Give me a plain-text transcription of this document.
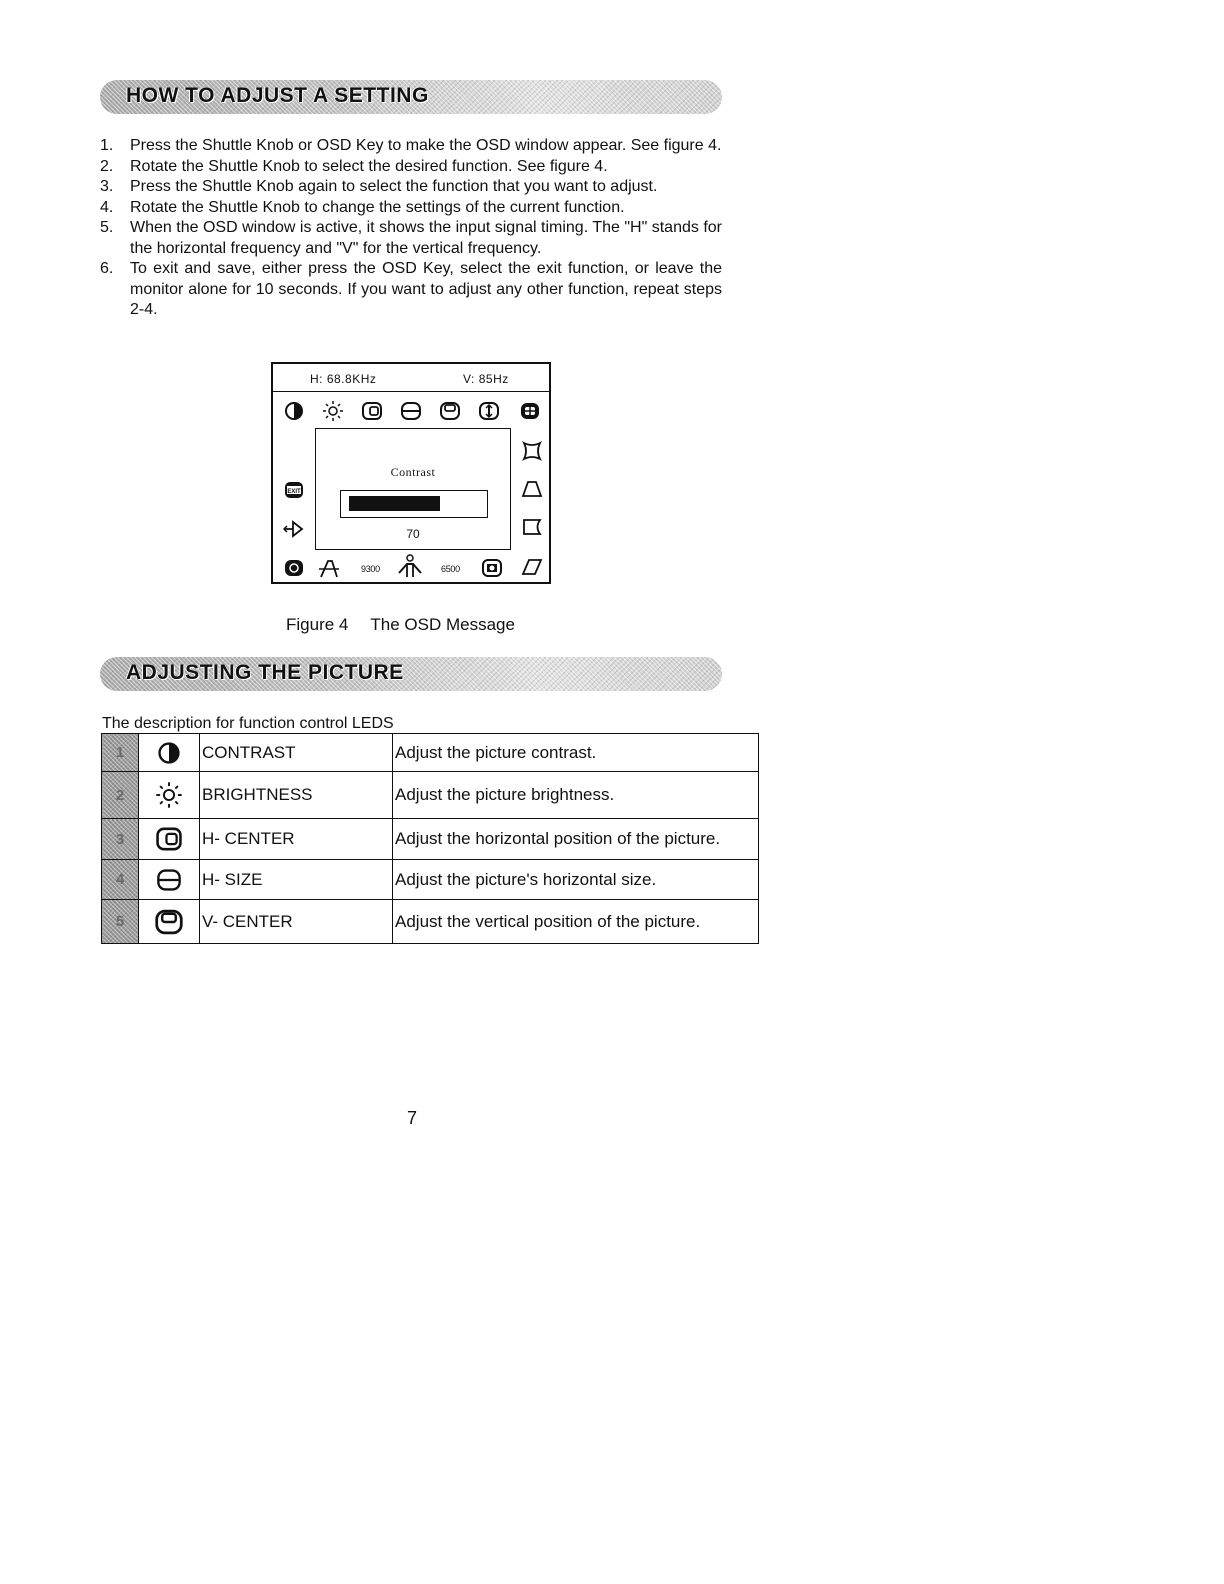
HOW TO ADJUST A SETTING
1. Press the Shuttle Knob or OSD Key to make the OSD window appear. See figure 4.
2. Rotate the Shuttle Knob to select the desired function. See figure 4.
3. Press the Shuttle Knob again to select the function that you want to adjust.
4. Rotate the Shuttle Knob to change the settings of the current function.
5. When the OSD window is active, it shows the input signal timing. The "H" stands for the horizontal frequency and "V" for the vertical frequency.
6. To exit and save, either press the OSD Key, select the exit function, or leave the monitor alone for 10 seconds. If you want to adjust any other function, repeat steps 2-4.
H: 68.8KHz	V: 85Hz
EXIT
Contrast
70
9300	6500
Figure 4 The OSD Message
ADJUSTING THE PICTURE
The description for function control LEDS
1		CONTRAST	Adjust the picture contrast.
2		BRIGHTNESS	Adjust the picture brightness.
3		H- CENTER	Adjust the horizontal position of the picture.
4		H- SIZE	Adjust the picture's horizontal size.
5		V- CENTER	Adjust the vertical position of the picture.
7
